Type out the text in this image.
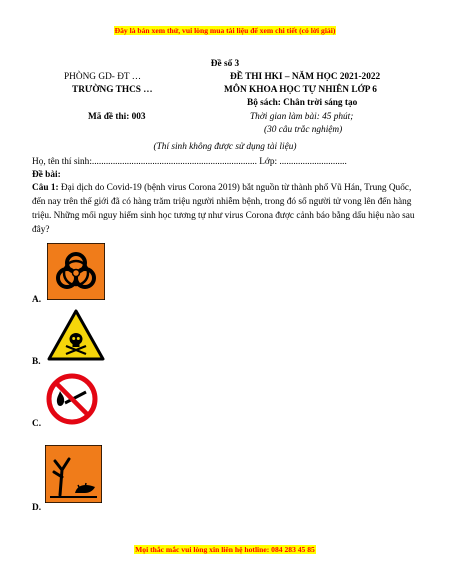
Đây là bản xem thử, vui lòng mua tài liệu để xem chi tiết (có lời giải)
Đề số 3
PHÒNG GD- ĐT …	ĐỀ THI HKI – NĂM HỌC 2021-2022
TRƯỜNG THCS …	MÔN KHOA HỌC TỰ NHIÊN LỚP 6
Bộ sách: Chân trời sáng tạo
Mã đề thi: 003	Thời gian làm bài: 45 phút;
(30 câu trắc nghiệm)
(Thí sinh không được sử dụng tài liệu)
Họ, tên thí sinh:....................................................................... Lớp: .............................
Đề bài:
Câu 1: Đại dịch do Covid-19 (bệnh virus Corona 2019) bắt nguồn từ thành phố Vũ Hán, Trung Quốc, đến nay trên thế giới đã có hàng trăm triệu người nhiễm bệnh, trong đó số người tử vong lên đến hàng triệu. Những mối nguy hiểm sinh học tương tự như virus Corona được cảnh báo bằng dấu hiệu nào sau đây?
A.
B.
C.
D.
Mọi thắc mắc vui lòng xin liên hệ hotline: 084 283 45 85
